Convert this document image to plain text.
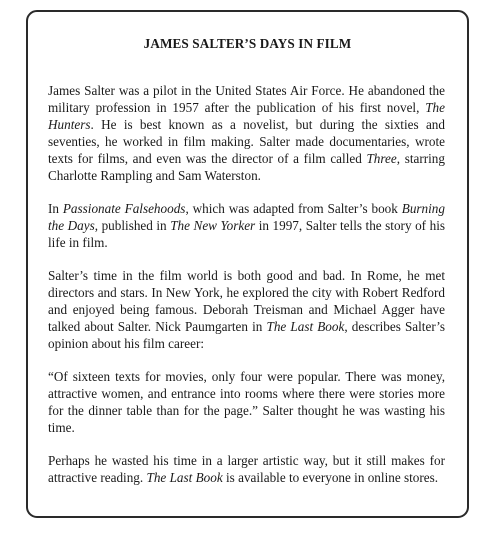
JAMES SALTER’S DAYS IN FILM

James Salter was a pilot in the United States Air Force. He abandoned the military profession in 1957 after the publication of his first novel, The Hunters. He is best known as a novelist, but during the sixties and seventies, he worked in film making. Salter made documentaries, wrote texts for films, and even was the director of a film called Three, starring Charlotte Rampling and Sam Waterston.

In Passionate Falsehoods, which was adapted from Salter’s book Burning the Days, published in The New Yorker in 1997, Salter tells the story of his life in film.

Salter’s time in the film world is both good and bad. In Rome, he met directors and stars. In New York, he explored the city with Robert Redford and enjoyed being famous. Deborah Treisman and Michael Agger have talked about Salter. Nick Paumgarten in The Last Book, describes Salter’s opinion about his film career:

“Of sixteen texts for movies, only four were popular. There was money, attractive women, and entrance into rooms where there were stories more for the dinner table than for the page.” Salter thought he was wasting his time.

Perhaps he wasted his time in a larger artistic way, but it still makes for attractive reading. The Last Book is available to everyone in online stores.
